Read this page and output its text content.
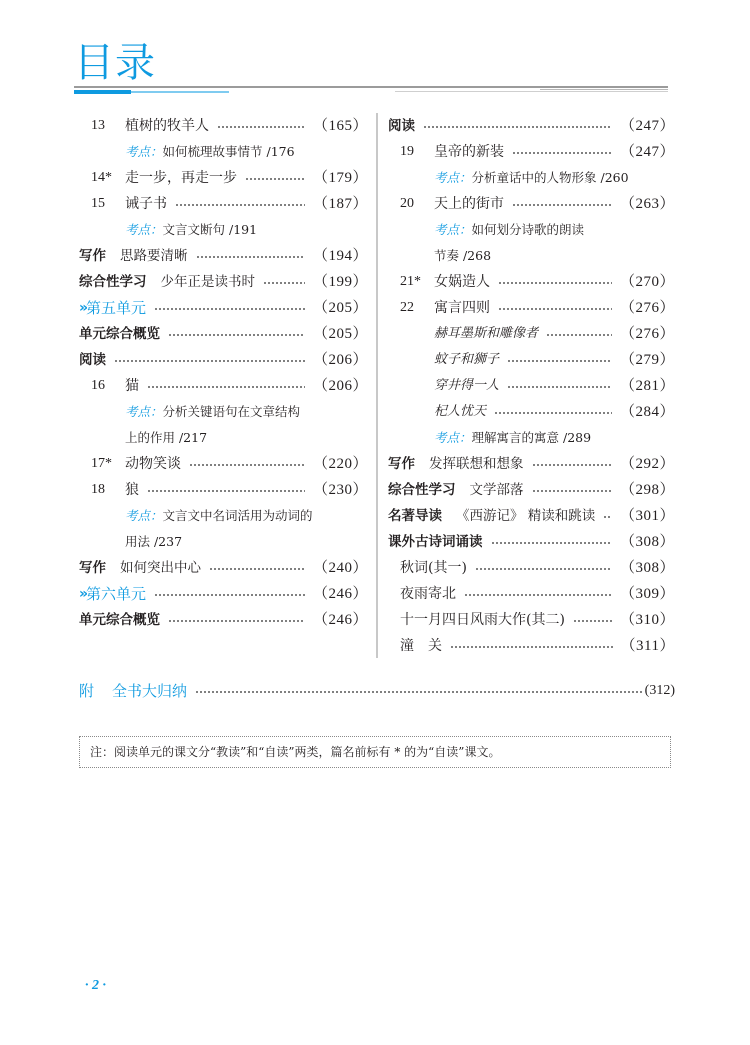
目录
13	植树的牧羊人	（165）
考点： 如何梳理故事情节 /176
14* 走一步，再走一步	（179）
15	诫子书	（187）
考点： 文言文断句 /191
写作 思路要清晰	（194）
综合性学习 少年正是读书时	（199）
» 第五单元	（205）
单元综合概览	（205）
阅读	（206）
16	猫	（206）
考点： 分析关键语句在文章结构
上的作用 /217
17* 动物笑谈	（220）
18	狼	（230）
考点： 文言文中名词活用为动词的
用法 /237
写作 如何突出中心	（240）
» 第六单元	（246）
单元综合概览	（246）
阅读	（247）
19	皇帝的新装	（247）
考点： 分析童话中的人物形象 /260
20	天上的街市	（263）
考点： 如何划分诗歌的朗读
节奏 /268
21* 女娲造人	（270）
22	寓言四则	（276）
赫耳墨斯和雕像者	（276）
蚊子和狮子	（279）
穿井得一人	（281）
杞人忧天	（284）
考点： 理解寓言的寓意 /289
写作 发挥联想和想象	（292）
综合性学习 文学部落	（298）
名著导读 《西游记》 精读和跳读 （301）
课外古诗词诵读	（308）
秋词(其一)	（308）
夜雨寄北	（309）
十一月四日风雨大作(其二)	（310）
潼　关	（311）
附 全书大归纳	(312)
注：阅读单元的课文分“教读”和“自读”两类，篇名前标有 * 的为“自读”课文。
· 2 ·
